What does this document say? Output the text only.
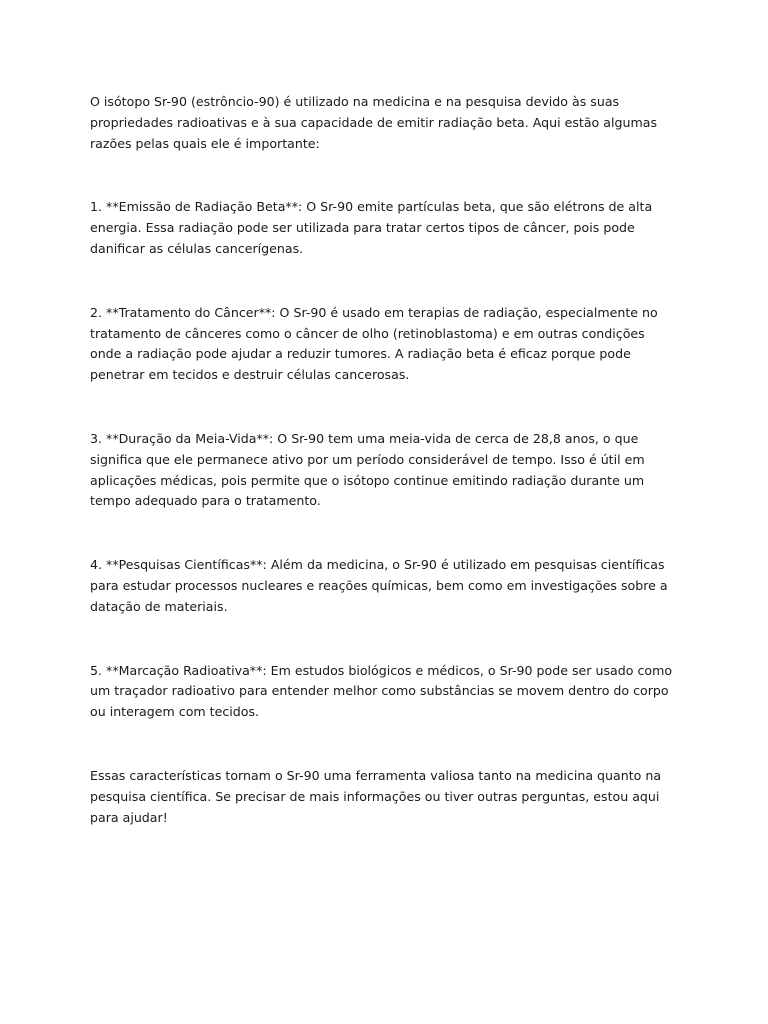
O isótopo Sr-90 (estrôncio-90) é utilizado na medicina e na pesquisa devido às suas propriedades radioativas e à sua capacidade de emitir radiação beta. Aqui estão algumas razões pelas quais ele é importante:

1. **Emissão de Radiação Beta**: O Sr-90 emite partículas beta, que são elétrons de alta energia. Essa radiação pode ser utilizada para tratar certos tipos de câncer, pois pode danificar as células cancerígenas.

2. **Tratamento do Câncer**: O Sr-90 é usado em terapias de radiação, especialmente no tratamento de cânceres como o câncer de olho (retinoblastoma) e em outras condições onde a radiação pode ajudar a reduzir tumores. A radiação beta é eficaz porque pode penetrar em tecidos e destruir células cancerosas.

3. **Duração da Meia-Vida**: O Sr-90 tem uma meia-vida de cerca de 28,8 anos, o que significa que ele permanece ativo por um período considerável de tempo. Isso é útil em aplicações médicas, pois permite que o isótopo continue emitindo radiação durante um tempo adequado para o tratamento.

4. **Pesquisas Científicas**: Além da medicina, o Sr-90 é utilizado em pesquisas científicas para estudar processos nucleares e reações químicas, bem como em investigações sobre a datação de materiais.

5. **Marcação Radioativa**: Em estudos biológicos e médicos, o Sr-90 pode ser usado como um traçador radioativo para entender melhor como substâncias se movem dentro do corpo ou interagem com tecidos.

Essas características tornam o Sr-90 uma ferramenta valiosa tanto na medicina quanto na pesquisa científica. Se precisar de mais informações ou tiver outras perguntas, estou aqui para ajudar!
